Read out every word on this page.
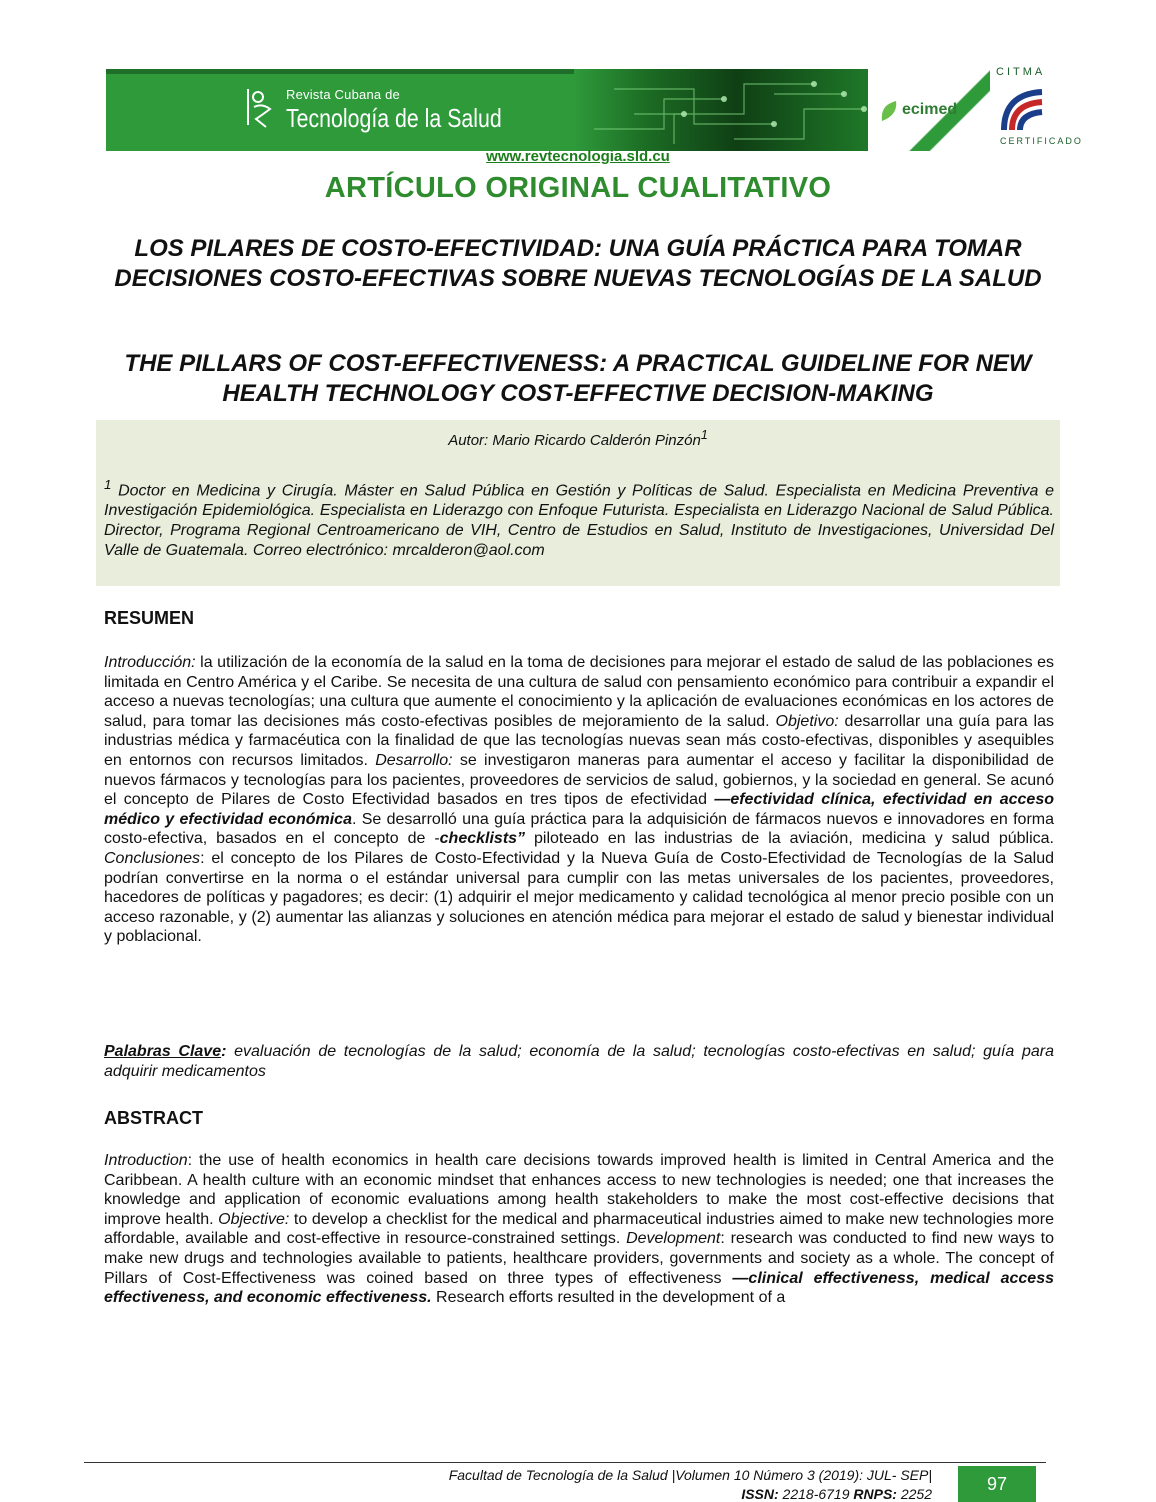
Revista Cubana de
Tecnología de la Salud	ecimed
CITMA
CERTIFICADO
www.revtecnologia.sld.cu
ARTÍCULO ORIGINAL CUALITATIVO
LOS PILARES DE COSTO-EFECTIVIDAD: UNA GUÍA PRÁCTICA PARA TOMAR DECISIONES COSTO-EFECTIVAS SOBRE NUEVAS TECNOLOGÍAS DE LA SALUD
THE PILLARS OF COST-EFFECTIVENESS: A PRACTICAL GUIDELINE FOR NEW HEALTH TECHNOLOGY COST-EFFECTIVE DECISION-MAKING
Autor: Mario Ricardo Calderón Pinzón$^1$
$^1$ Doctor en Medicina y Cirugía. Máster en Salud Pública en Gestión y Políticas de Salud. Especialista en Medicina Preventiva e Investigación Epidemiológica. Especialista en Liderazgo con Enfoque Futurista. Especialista en Liderazgo Nacional de Salud Pública. Director, Programa Regional Centroamericano de VIH, Centro de Estudios en Salud, Instituto de Investigaciones, Universidad Del Valle de Guatemala. Correo electrónico: mrcalderon@aol.com
RESUMEN
Introducción: la utilización de la economía de la salud en la toma de decisiones para mejorar el estado de salud de las poblaciones es limitada en Centro América y el Caribe. Se necesita de una cultura de salud con pensamiento económico para contribuir a expandir el acceso a nuevas tecnologías; una cultura que aumente el conocimiento y la aplicación de evaluaciones económicas en los actores de salud, para tomar las decisiones más costo-efectivas posibles de mejoramiento de la salud. Objetivo: desarrollar una guía para las industrias médica y farmacéutica con la finalidad de que las tecnologías nuevas sean más costo-efectivas, disponibles y asequibles en entornos con recursos limitados. Desarrollo: se investigaron maneras para aumentar el acceso y facilitar la disponibilidad de nuevos fármacos y tecnologías para los pacientes, proveedores de servicios de salud, gobiernos, y la sociedad en general. Se acunó el concepto de Pilares de Costo Efectividad basados en tres tipos de efectividad —efectividad clínica, efectividad en acceso médico y efectividad económica. Se desarrolló una guía práctica para la adquisición de fármacos nuevos e innovadores en forma costo-efectiva, basados en el concepto de -checklists” piloteado en las industrias de la aviación, medicina y salud pública. Conclusiones: el concepto de los Pilares de Costo-Efectividad y la Nueva Guía de Costo-Efectividad de Tecnologías de la Salud podrían convertirse en la norma o el estándar universal para cumplir con las metas universales de los pacientes, proveedores, hacedores de políticas y pagadores; es decir: (1) adquirir el mejor medicamento y calidad tecnológica al menor precio posible con un acceso razonable, y (2) aumentar las alianzas y soluciones en atención médica para mejorar el estado de salud y bienestar individual y poblacional.
Palabras Clave: evaluación de tecnologías de la salud; economía de la salud; tecnologías costo-efectivas en salud; guía para adquirir medicamentos
ABSTRACT
Introduction: the use of health economics in health care decisions towards improved health is limited in Central America and the Caribbean. A health culture with an economic mindset that enhances access to new technologies is needed; one that increases the knowledge and application of economic evaluations among health stakeholders to make the most cost-effective decisions that improve health. Objective: to develop a checklist for the medical and pharmaceutical industries aimed to make new technologies more affordable, available and cost-effective in resource-constrained settings. Development: research was conducted to find new ways to make new drugs and technologies available to patients, healthcare providers, governments and society as a whole. The concept of Pillars of Cost-Effectiveness was coined based on three types of effectiveness —clinical effectiveness, medical access effectiveness, and economic effectiveness. Research efforts resulted in the development of a
Facultad de Tecnología de la Salud |Volumen 10 Número 3 (2019): JUL- SEP|
ISSN: 2218-6719 RNPS: 2252	97
